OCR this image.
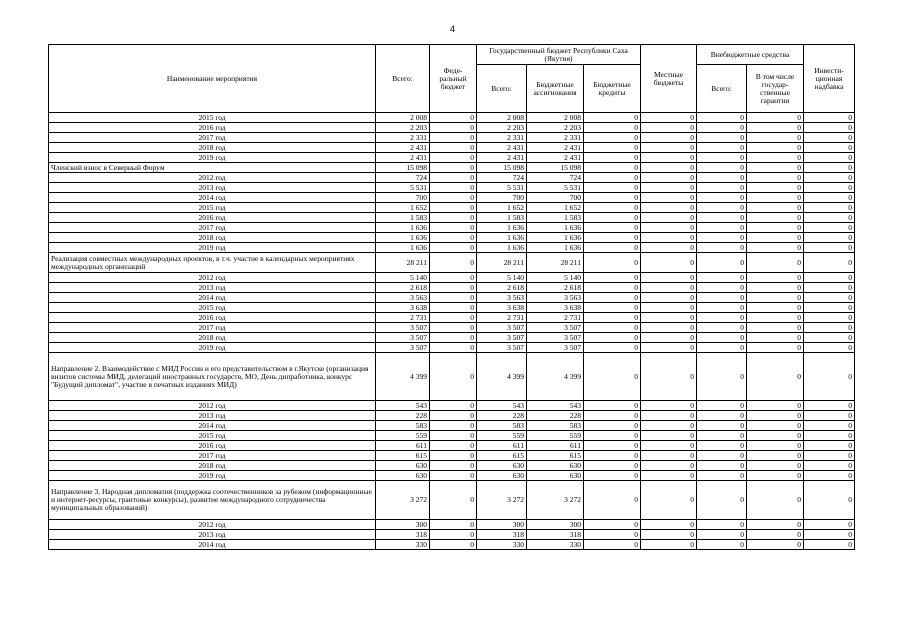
4
Наименование мероприятия	Всего:	Феде-ральный бюджет	Государственный бюджет Республики Саха (Якутия)			Местные бюджеты	Внебюджетные средства		Инвести-ционная надбавка
			Всего:	Бюджетные ассигнования	Бюджетные кредиты		Всего:	В том числе государ-ственные гарантии	
2015 год	2 008	0	2 008	2 008	0	0	0	0	0
2016 год	2 203	0	2 203	2 203	0	0	0	0	0
2017 год	2 331	0	2 331	2 331	0	0	0	0	0
2018 год	2 431	0	2 431	2 431	0	0	0	0	0
2019 год	2 431	0	2 431	2 431	0	0	0	0	0
Членский взнос в Северный Форум	15 098	0	15 098	15 098	0	0	0	0	0
2012 год	724	0	724	724	0	0	0	0	0
2013 год	5 531	0	5 531	5 531	0	0	0	0	0
2014 год	700	0	700	700	0	0	0	0	0
2015 год	1 652	0	1 652	1 652	0	0	0	0	0
2016 год	1 583	0	1 583	1 583	0	0	0	0	0
2017 год	1 636	0	1 636	1 636	0	0	0	0	0
2018 год	1 636	0	1 636	1 636	0	0	0	0	0
2019 год	1 636	0	1 636	1 636	0	0	0	0	0
Реализация совместных международных проектов, в т.ч. участие в календарных мероприятиях международных организаций	28 211	0	28 211	28 211	0	0	0	0	0
2012 год	5 140	0	5 140	5 140	0	0	0	0	0
2013 год	2 618	0	2 618	2 618	0	0	0	0	0
2014 год	3 563	0	3 563	3 563	0	0	0	0	0
2015 год	3 638	0	3 638	3 638	0	0	0	0	0
2016 год	2 731	0	2 731	2 731	0	0	0	0	0
2017 год	3 507	0	3 507	3 507	0	0	0	0	0
2018 год	3 507	0	3 507	3 507	0	0	0	0	0
2019 год	3 507	0	3 507	3 507	0	0	0	0	0
Направление 2. Взаимодействие с МИД России и его представительством в г.Якутске (организация визитов системы МИД, делегаций иностранных государств, МО, День дипработника, конкурс "Будущий дипломат", участие в печатных изданиях МИД)	4 399	0	4 399	4 399	0	0	0	0	0
2012 год	543	0	543	543	0	0	0	0	0
2013 год	228	0	228	228	0	0	0	0	0
2014 год	583	0	583	583	0	0	0	0	0
2015 год	559	0	559	559	0	0	0	0	0
2016 год	611	0	611	611	0	0	0	0	0
2017 год	615	0	615	615	0	0	0	0	0
2018 год	630	0	630	630	0	0	0	0	0
2019 год	630	0	630	630	0	0	0	0	0
Направление 3. Народная дипломатия (поддержка соотечественников за рубежом (информационные и интернет-ресурсы, грантовые конкурсы), развитие международного сотрудничества муниципальных образований)	3 272	0	3 272	3 272	0	0	0	0	0
2012 год	300	0	300	300	0	0	0	0	0
2013 год	318	0	318	318	0	0	0	0	0
2014 год	330	0	330	330	0	0	0	0	0
